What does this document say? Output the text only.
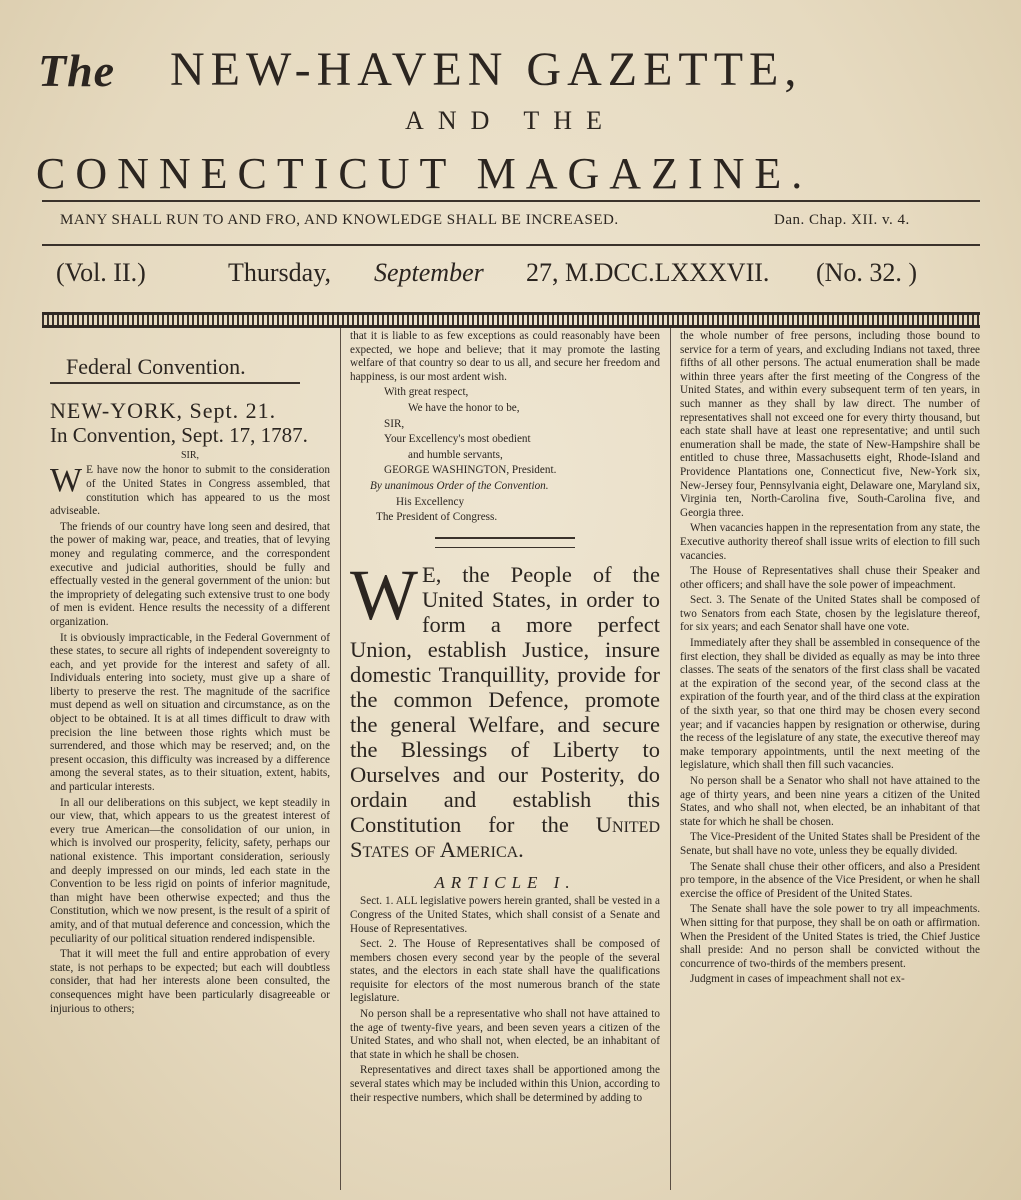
The NEW-HAVEN GAZETTE,
AND THE
CONNECTICUT MAGAZINE.
MANY SHALL RUN TO AND FRO, AND KNOWLEDGE SHALL BE INCREASED.	Dan. Chap. XII. v. 4.
(Vol. II.)	Thursday, September 27, M.DCC.LXXXVII. (No. 32. )
Federal Convention.
NEW-YORK, Sept. 21.
In Convention, Sept. 17, 1787.
SIR,

W E have now the honor to submit to the consideration of the United States in Congress assembled, that constitution which has appeared to us the most adviseable.

The friends of our country have long seen and desired, that the power of making war, peace, and treaties, that of levying money and regulating commerce, and the correspondent executive and judicial authorities, should be fully and effectually vested in the general government of the union: but the impropriety of delegating such extensive trust to one body of men is evident. Hence results the necessity of a different organization.

It is obviously impracticable, in the Federal Government of these states, to secure all rights of independent sovereignty to each, and yet provide for the interest and safety of all. Individuals entering into society, must give up a share of liberty to preserve the rest. The magnitude of the sacrifice must depend as well on situation and circumstance, as on the object to be obtained. It is at all times difficult to draw with precision the line between those rights which must be surrendered, and those which may be reserved; and, on the present occasion, this difficulty was increased by a difference among the several states, as to their situation, extent, habits, and particular interests.

In all our deliberations on this subject, we kept steadily in our view, that, which appears to us the greatest interest of every true American—the consolidation of our union, in which is involved our prosperity, felicity, safety, perhaps our national existence. This important consideration, seriously and deeply impressed on our minds, led each state in the Convention to be less rigid on points of inferior magnitude, than might have been otherwise expected; and thus the Constitution, which we now present, is the result of a spirit of amity, and of that mutual deference and concession, which the peculiarity of our political situation rendered indispensible.

That it will meet the full and entire approbation of every state, is not perhaps to be expected; but each will doubtless consider, that had her interests alone been consulted, the consequences might have been particularly disagreeable or injurious to others;

that it is liable to as few exceptions as could reasonably have been expected, we hope and believe; that it may promote the lasting welfare of that country so dear to us all, and secure her freedom and happiness, is our most ardent wish.

With great respect,

We have the honor to be,

SIR,

Your Excellency's most obedient

and humble servants,

GEORGE WASHINGTON, President.

By unanimous Order of the Convention.

His Excellency

The President of Congress.

W E, the People of the United States, in order to form a more perfect Union, establish Justice, insure domestic Tranquillity, provide for the common Defence, promote the general Welfare, and secure the Blessings of Liberty to Ourselves and our Posterity, do ordain and establish this Constitution for the United States of America.
ARTICLE I.

Sect. 1. ALL legislative powers herein granted, shall be vested in a Congress of the United States, which shall consist of a Senate and House of Representatives.

Sect. 2. The House of Representatives shall be composed of members chosen every second year by the people of the several states, and the electors in each state shall have the qualifications requisite for electors of the most numerous branch of the state legislature.

No person shall be a representative who shall not have attained to the age of twenty-five years, and been seven years a citizen of the United States, and who shall not, when elected, be an inhabitant of that state in which he shall be chosen.

Representatives and direct taxes shall be apportioned among the several states which may be included within this Union, according to their respective numbers, which shall be determined by adding to

the whole number of free persons, including those bound to service for a term of years, and excluding Indians not taxed, three fifths of all other persons. The actual enumeration shall be made within three years after the first meeting of the Congress of the United States, and within every subsequent term of ten years, in such manner as they shall by law direct. The number of representatives shall not exceed one for every thirty thousand, but each state shall have at least one representative; and until such enumeration shall be made, the state of New-Hampshire shall be entitled to chuse three, Massachusetts eight, Rhode-Island and Providence Plantations one, Connecticut five, New-York six, New-Jersey four, Pennsylvania eight, Delaware one, Maryland six, Virginia ten, North-Carolina five, South-Carolina five, and Georgia three.

When vacancies happen in the representation from any state, the Executive authority thereof shall issue writs of election to fill such vacancies.

The House of Representatives shall chuse their Speaker and other officers; and shall have the sole power of impeachment.

Sect. 3. The Senate of the United States shall be composed of two Senators from each State, chosen by the legislature thereof, for six years; and each Senator shall have one vote.

Immediately after they shall be assembled in consequence of the first election, they shall be divided as equally as may be into three classes. The seats of the senators of the first class shall be vacated at the expiration of the second year, of the second class at the expiration of the fourth year, and of the third class at the expiration of the sixth year, so that one third may be chosen every second year; and if vacancies happen by resignation or otherwise, during the recess of the legislature of any state, the executive thereof may make temporary appointments, until the next meeting of the legislature, which shall then fill such vacancies.

No person shall be a Senator who shall not have attained to the age of thirty years, and been nine years a citizen of the United States, and who shall not, when elected, be an inhabitant of that state for which he shall be chosen.

The Vice-President of the United States shall be President of the Senate, but shall have no vote, unless they be equally divided.

The Senate shall chuse their other officers, and also a President pro tempore, in the absence of the Vice President, or when he shall exercise the office of President of the United States.

The Senate shall have the sole power to try all impeachments. When sitting for that purpose, they shall be on oath or affirmation. When the President of the United States is tried, the Chief Justice shall preside: And no person shall be convicted without the concurrence of two-thirds of the members present.

Judgment in cases of impeachment shall not ex-
